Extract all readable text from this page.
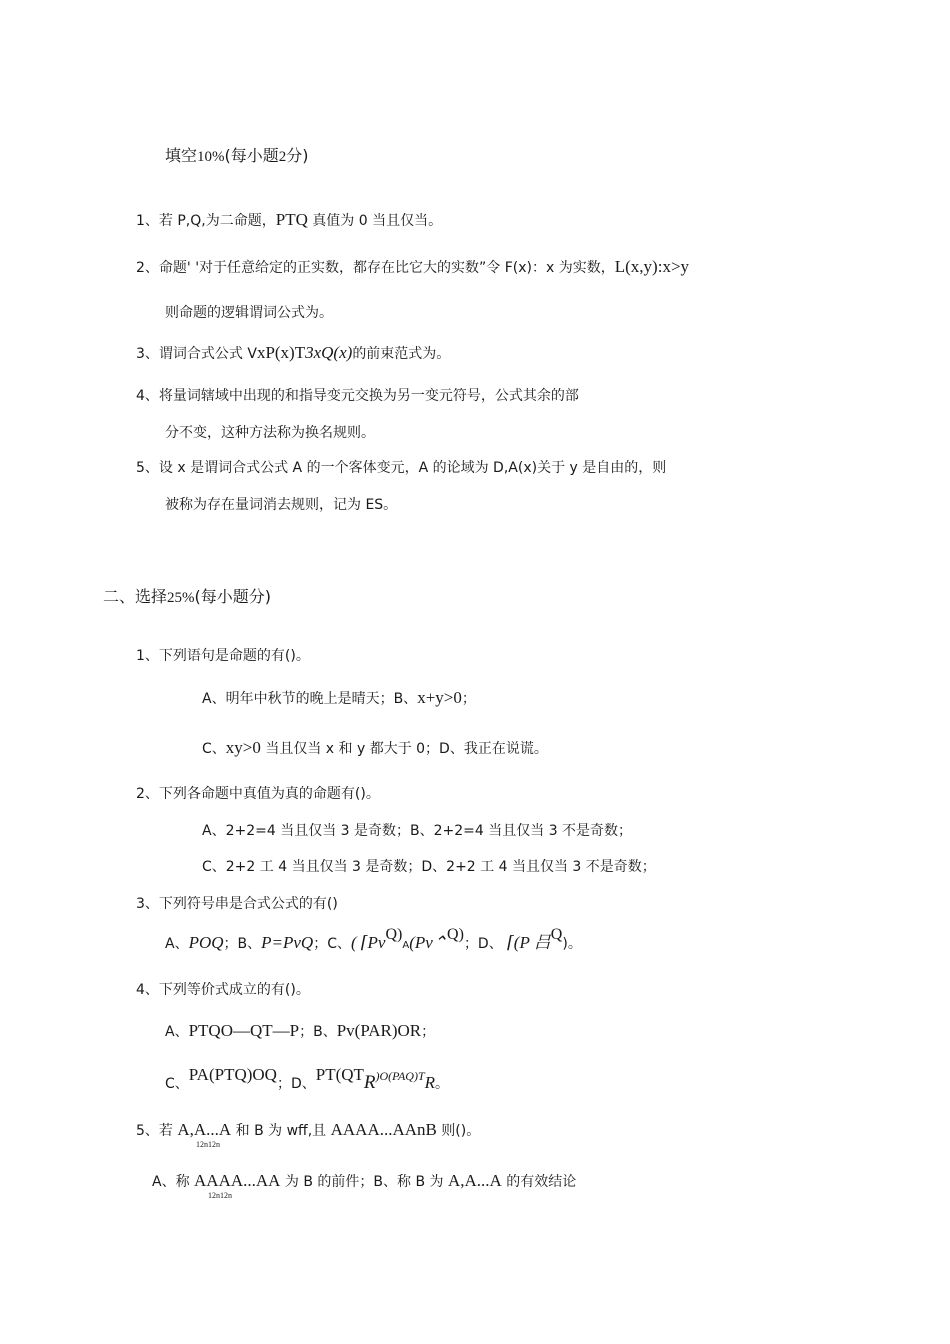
填空10%(每小题2分)
1、若 P,Q,为二命题，PTQ 真值为 0 当且仅当。
2、命题' '对于任意给定的正实数，都存在比它大的实数”令 F(x)：x 为实数，L(x,y):x>y
则命题的逻辑谓词公式为。
3、谓词合式公式 VxP(x)T3xQ(x)的前束范式为。
4、将量词辖域中出现的和指导变元交换为另一变元符号，公式其余的部
分不变，这种方法称为换名规则。
5、设 x 是谓词合式公式 A 的一个客体变元，A 的论域为 D,A(x)关于 y 是自由的，则
被称为存在量词消去规则，记为 ES。
二、选择25%(每小题分)
1、下列语句是命题的有()。
A、明年中秋节的晚上是晴天；B、x+y>0；
C、xy>0 当且仅当 x 和 y 都大于 0；D、我正在说谎。
2、下列各命题中真值为真的命题有()。
A、2+2=4 当且仅当 3 是奇数；B、2+2=4 当且仅当 3 不是奇数；
C、2+2 工 4 当且仅当 3 是奇数；D、2+2 工 4 当且仅当 3 不是奇数；
3、下列符号串是合式公式的有()
A、POQ；B、P=PvQ；C、( ⌈PvQ)A(Pv⌃Q)；D、 ⌈(P 吕Q)。
4、下列等价式成立的有()。
A、PTQO—QT—P；B、Pv(PAR)OR；
C、PA(PTQ)OQ；D、PT(QTR)O(PAQ)TR。
5、若 A,A...A 和 B 为 wff,且 AAAA...AAnB 则()。
12n12n
A、称 AAAA...AA 为 B 的前件；B、称 B 为 A,A...A 的有效结论
12n12n
